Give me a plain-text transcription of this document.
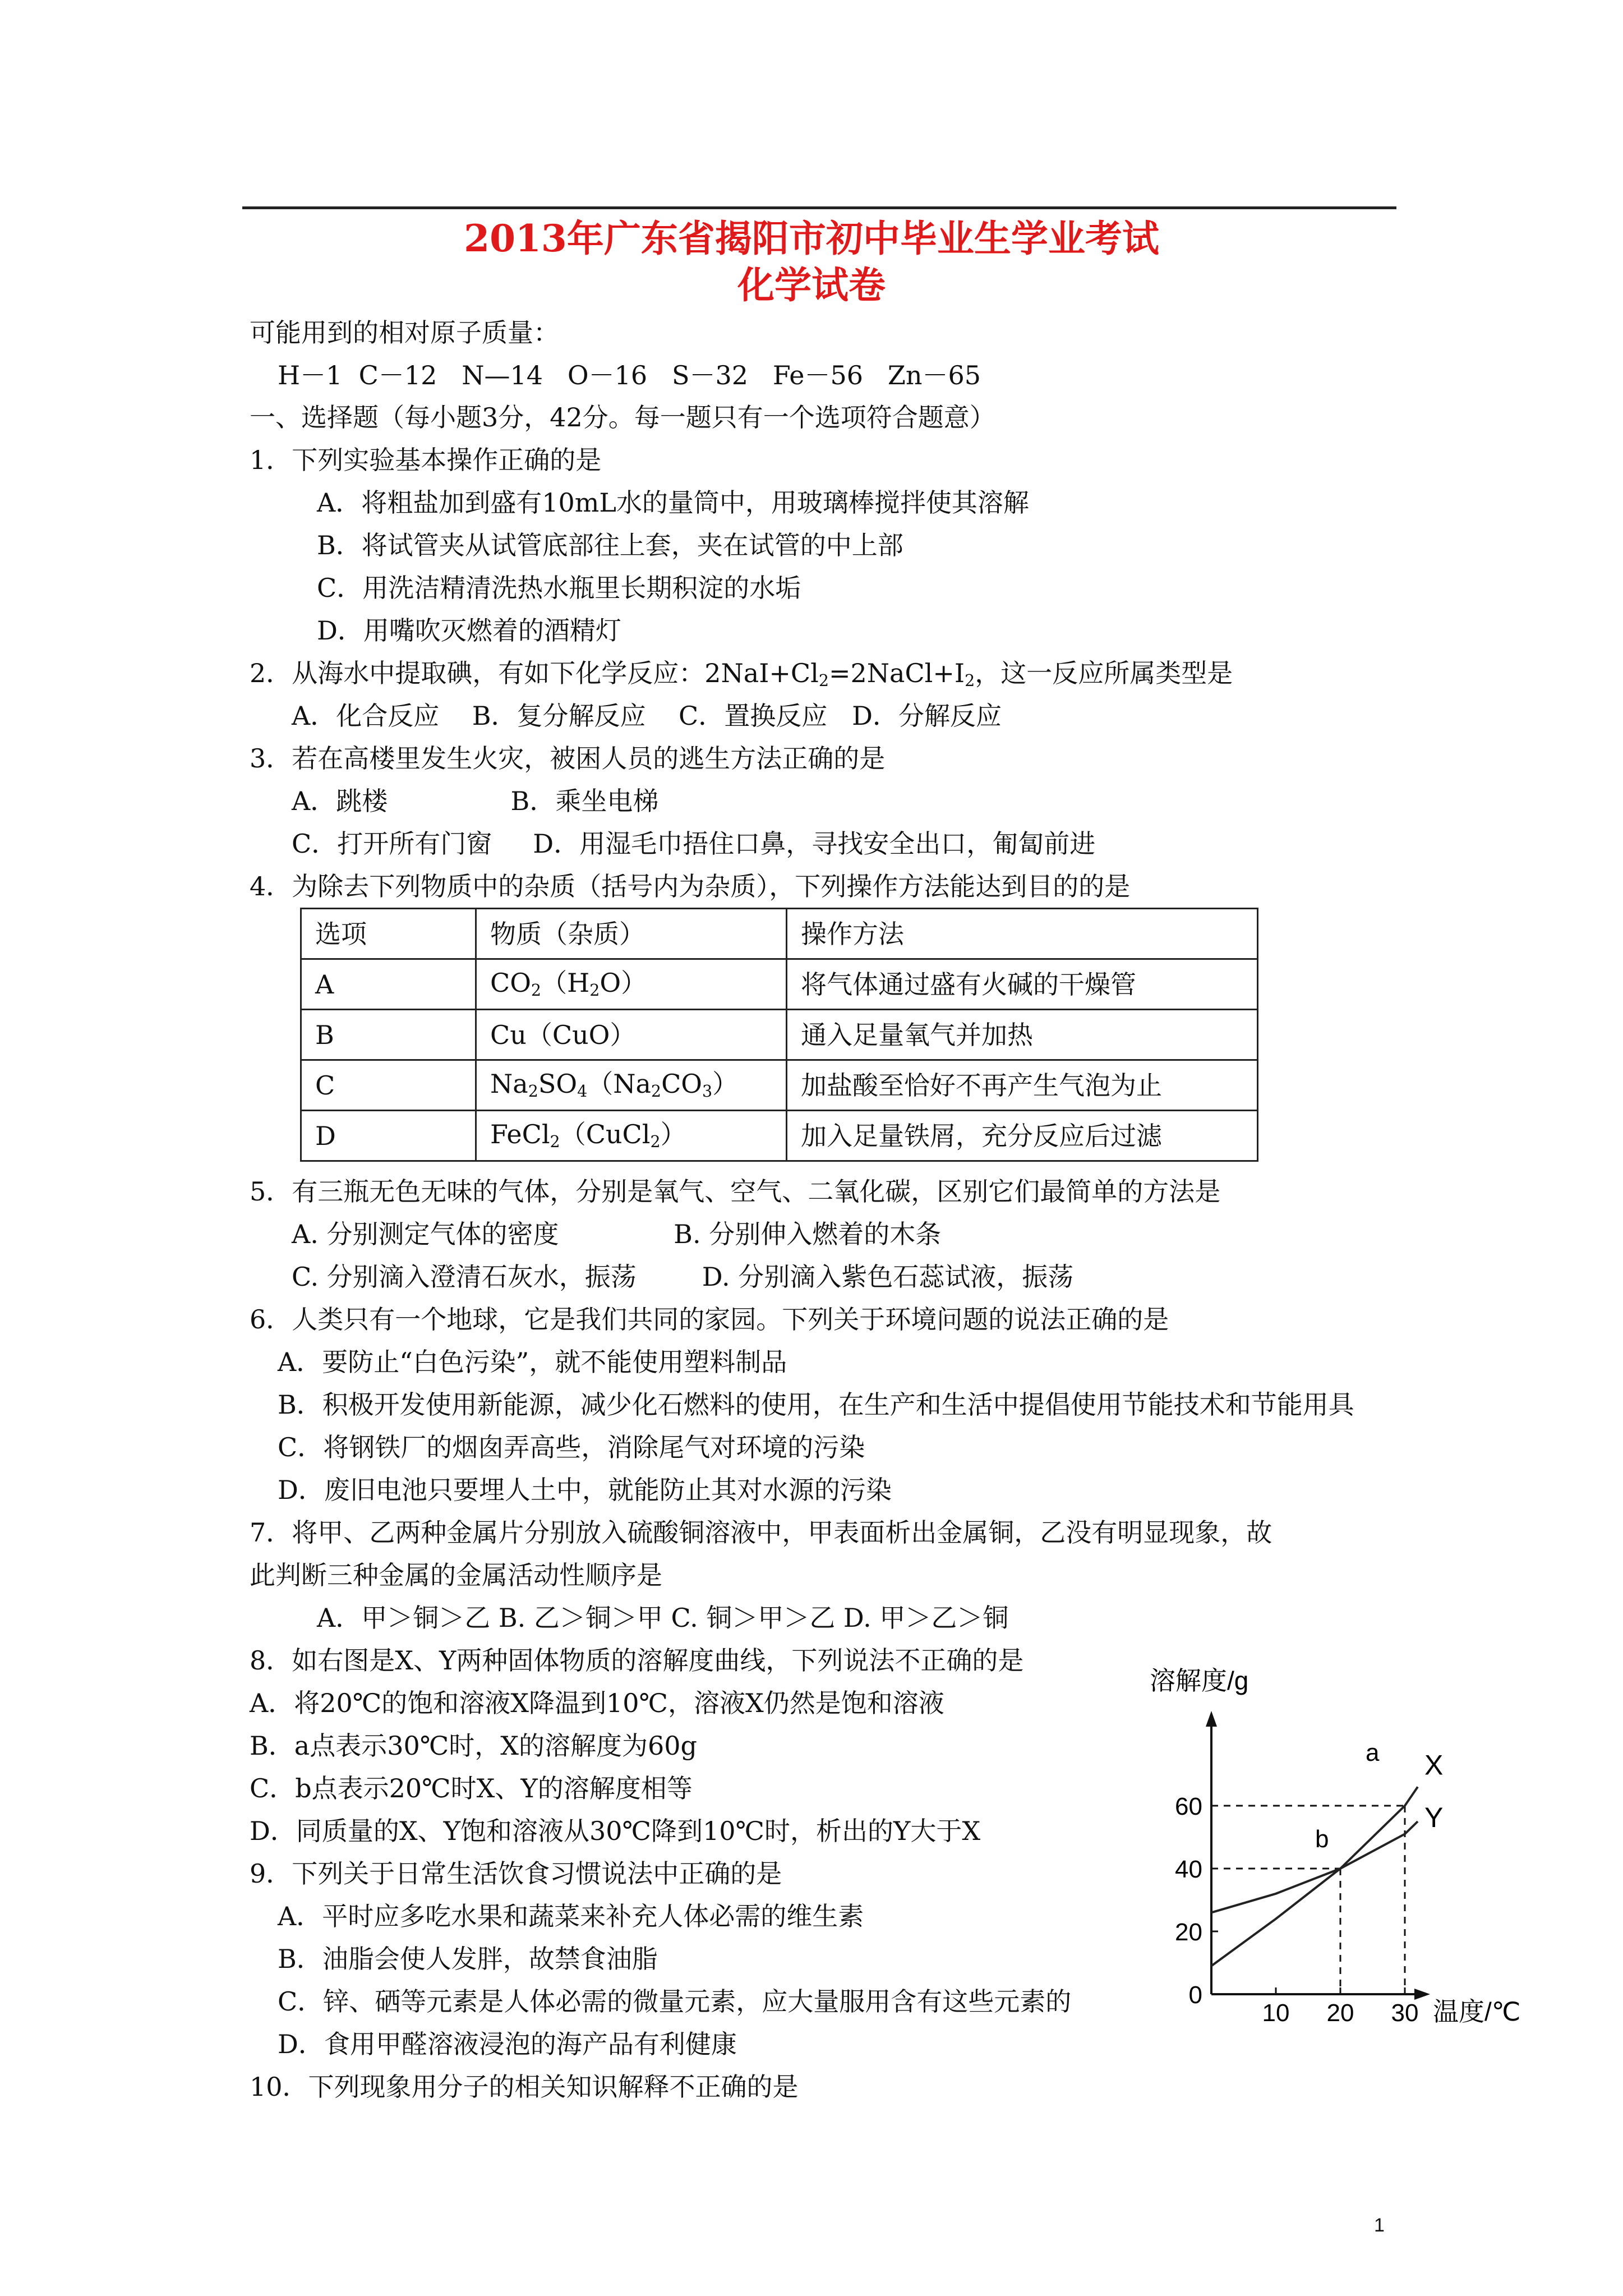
2013年广东省揭阳市初中毕业生学业考试
化学试卷
可能用到的相对原子质量：
H－1  C－12   N—14   O－16   S－32   Fe－56   Zn－65
一、选择题（每小题3分，42分。每一题只有一个选项符合题意）
1．下列实验基本操作正确的是
A．将粗盐加到盛有10mL水的量筒中，用玻璃棒搅拌使其溶解
B．将试管夹从试管底部往上套，夹在试管的中上部
C．用洗洁精清洗热水瓶里长期积淀的水垢
D．用嘴吹灭燃着的酒精灯
2．从海水中提取碘，有如下化学反应：$2NaI+Cl_2=2NaCl+I_2$，这一反应所属类型是
A．化合反应    B．复分解反应    C．置换反应   D．分解反应
3．若在高楼里发生火灾，被困人员的逃生方法正确的是
A．跳楼               B．乘坐电梯
C．打开所有门窗     D．用湿毛巾捂住口鼻，寻找安全出口，匍匐前进
4．为除去下列物质中的杂质（括号内为杂质），下列操作方法能达到目的的是
选项	物质（杂质）	操作方法
A	$CO_2(H_2O)$	将气体通过盛有火碱的干燥管
B	Cu（CuO）	通入足量氧气并加热
C	$Na_2SO_4(Na_2CO_3)$	加盐酸至恰好不再产生气泡为止
D	FeCl$_2$（CuCl$_2$）	加入足量铁屑，充分反应后过滤
5．有三瓶无色无味的气体，分别是氧气、空气、二氧化碳，区别它们最简单的方法是
A. 分别测定气体的密度              B. 分别伸入燃着的木条
C. 分别滴入澄清石灰水，振荡        D. 分别滴入紫色石蕊试液，振荡
6．人类只有一个地球，它是我们共同的家园。下列关于环境问题的说法正确的是
A．要防止“白色污染”，就不能使用塑料制品
B．积极开发使用新能源，减少化石燃料的使用，在生产和生活中提倡使用节能技术和节能用具
C．将钢铁厂的烟囱弄高些，消除尾气对环境的污染
D．废旧电池只要埋人土中，就能防止其对水源的污染
7．将甲、乙两种金属片分别放入硫酸铜溶液中，甲表面析出金属铜，乙没有明显现象，故
此判断三种金属的金属活动性顺序是
A．甲＞铜＞乙 B. 乙＞铜＞甲 C. 铜＞甲＞乙 D. 甲＞乙＞铜
8．如右图是X、Y两种固体物质的溶解度曲线，下列说法不正确的是
A．将20℃的饱和溶液X降温到10℃，溶液X仍然是饱和溶液
B．a点表示30℃时，X的溶解度为60g
C．b点表示20℃时X、Y的溶解度相等
D．同质量的X、Y饱和溶液从30℃降到10℃时，析出的Y大于X
9．下列关于日常生活饮食习惯说法中正确的是
A．平时应多吃水果和蔬菜来补充人体必需的维生素
B．油脂会使人发胖，故禁食油脂
C．锌、硒等元素是人体必需的微量元素，应大量服用含有这些元素的
D．食用甲醛溶液浸泡的海产品有利健康
10．下列现象用分子的相关知识解释不正确的是
溶解度/g
0
20
40
60
10 20 30
X
Y
a
b
温度/℃
1
